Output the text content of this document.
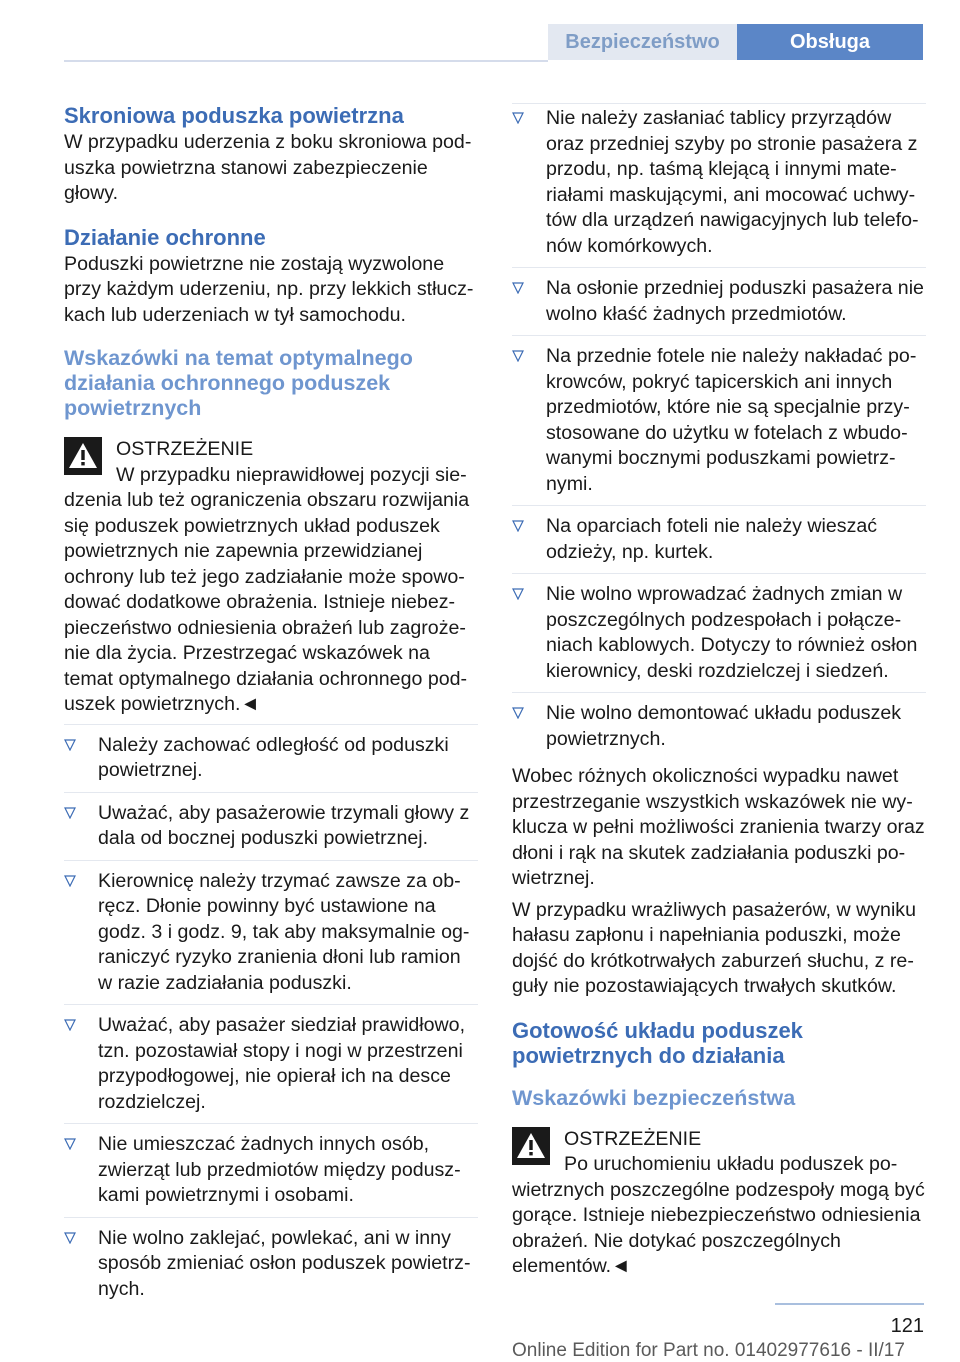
Bezpieczeństwo	Obsługa
Skroniowa poduszka powietrzna

W przypadku uderzenia z boku skroniowa poduszka powietrzna stanowi zabezpieczenie głowy.

Działanie ochronne

Poduszki powietrzne nie zostają wyzwolone przy każdym uderzeniu, np. przy lekkich stłuczkach lub uderzeniach w tył samochodu.

Wskazówki na temat optymalnego działania ochronnego poduszek powietrznych
OSTRZEŻENIE

W przypadku nieprawidłowej pozycji siedzenia lub też ograniczenia obszaru rozwijania się poduszek powietrznych układ poduszek powietrznych nie zapewnia przewidzianej ochrony lub też jego zadziałanie może spowodować dodatkowe obrażenia. Istnieje niebezpieczeństwo odniesienia obrażeń lub zagrożenie dla życia. Przestrzegać wskazówek na temat optymalnego działania ochronnego poduszek powietrznych.◄

Należy zachować odległość od poduszki powietrznej.
Uważać, aby pasażerowie trzymali głowy z dala od bocznej poduszki powietrznej.
Kierownicę należy trzymać zawsze za obręcz. Dłonie powinny być ustawione na godz. 3 i godz. 9, tak aby maksymalnie ograniczyć ryzyko zranienia dłoni lub ramion w razie zadziałania poduszki.
Uważać, aby pasażer siedział prawidłowo, tzn. pozostawiał stopy i nogi w przestrzeni przypodłogowej, nie opierał ich na desce rozdzielczej.
Nie umieszczać żadnych innych osób, zwierząt lub przedmiotów między poduszkami powietrznymi i osobami.
Nie wolno zaklejać, powlekać, ani w inny sposób zmieniać osłon poduszek powietrznych.
Nie należy zasłaniać tablicy przyrządów oraz przedniej szyby po stronie pasażera z przodu, np. taśmą klejącą i innymi materiałami maskującymi, ani mocować uchwytów dla urządzeń nawigacyjnych lub telefonów komórkowych.
Na osłonie przedniej poduszki pasażera nie wolno kłaść żadnych przedmiotów.
Na przednie fotele nie należy nakładać pokrowców, pokryć tapicerskich ani innych przedmiotów, które nie są specjalnie przystosowane do użytku w fotelach z wbudowanymi bocznymi poduszkami powietrznymi.
Na oparciach foteli nie należy wieszać odzieży, np. kurtek.
Nie wolno wprowadzać żadnych zmian w poszczególnych podzespołach i połączeniach kablowych. Dotyczy to również osłon kierownicy, deski rozdzielczej i siedzeń.
Nie wolno demontować układu poduszek powietrznych.

Wobec różnych okoliczności wypadku nawet przestrzeganie wszystkich wskazówek nie wyklucza w pełni możliwości zranienia twarzy oraz dłoni i rąk na skutek zadziałania poduszki powietrznej.

W przypadku wrażliwych pasażerów, w wyniku hałasu zapłonu i napełniania poduszki, może dojść do krótkotrwałych zaburzeń słuchu, z reguły nie pozostawiających trwałych skutków.

Gotowość układu poduszek powietrznych do działania
Wskazówki bezpieczeństwa
OSTRZEŻENIE

Po uruchomieniu układu poduszek powietrznych poszczególne podzespoły mogą być gorące. Istnieje niebezpieczeństwo odniesienia obrażeń. Nie dotykać poszczególnych elementów.◄

121
Online Edition for Part no. 01402977616 - II/17
